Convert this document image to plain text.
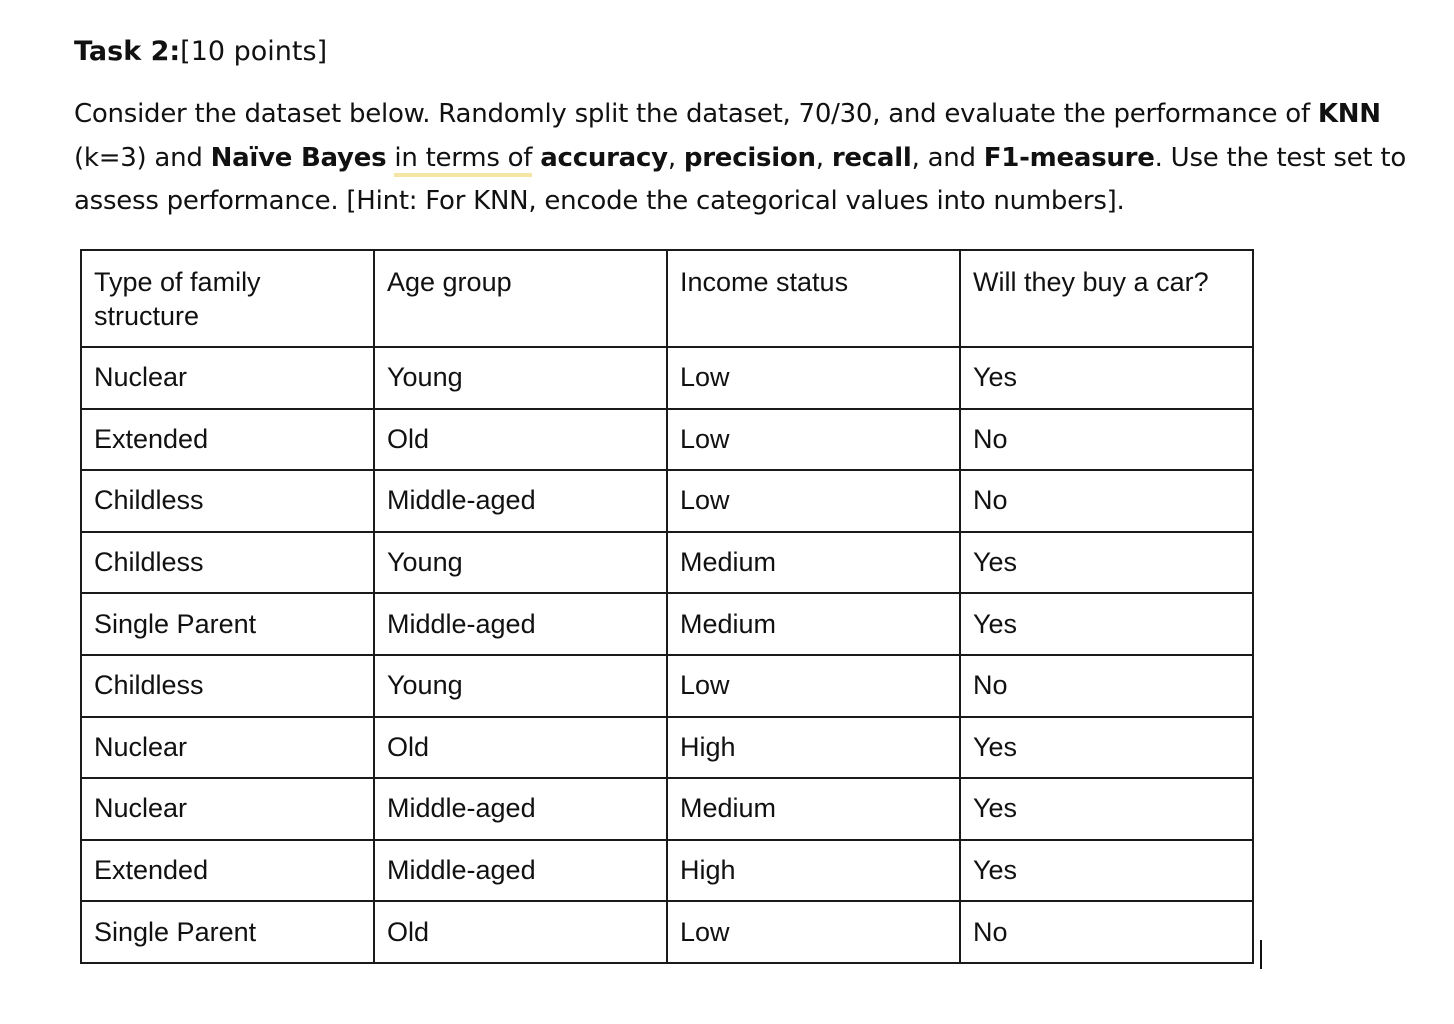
Task 2:[10 points]
Consider the dataset below. Randomly split the dataset, 70/30, and evaluate the performance of KNN
(k=3) and Naïve Bayes in terms of accuracy, precision, recall, and F1-measure. Use the test set to
assess performance. [Hint: For KNN, encode the categorical values into numbers].
Type of family structure	Age group	Income status	Will they buy a car?
Nuclear	Young	Low	Yes
Extended	Old	Low	No
Childless	Middle-aged	Low	No
Childless	Young	Medium	Yes
Single Parent	Middle-aged	Medium	Yes
Childless	Young	Low	No
Nuclear	Old	High	Yes
Nuclear	Middle-aged	Medium	Yes
Extended	Middle-aged	High	Yes
Single Parent	Old	Low	No
